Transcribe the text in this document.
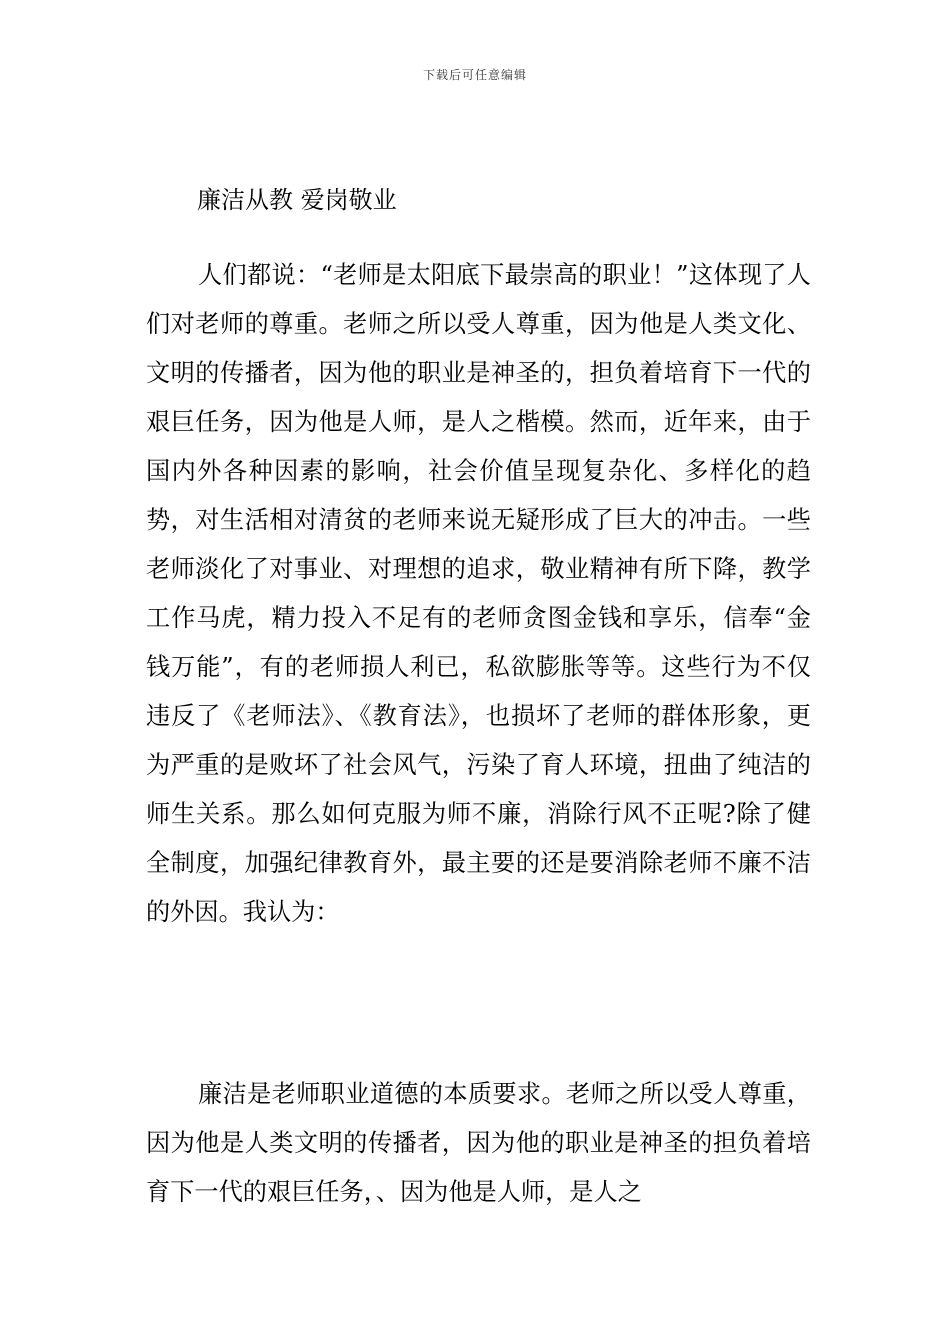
下载后可任意编辑
廉洁从教 爱岗敬业

人们都说：“老师是太阳底下最崇高的职业！”这体现了人们对老师的尊重。老师之所以受人尊重，因为他是人类文化、文明的传播者，因为他的职业是神圣的，担负着培育下一代的艰巨任务，因为他是人师，是人之楷模。然而，近年来，由于国内外各种因素的影响，社会价值呈现复杂化、多样化的趋势，对生活相对清贫的老师来说无疑形成了巨大的冲击。一些老师淡化了对事业、对理想的追求，敬业精神有所下降，教学工作马虎，精力投入不足有的老师贪图金钱和享乐，信奉“金钱万能”，有的老师损人利已，私欲膨胀等等。这些行为不仅违反了《老师法》、《教育法》，也损坏了老师的群体形象，更为严重的是败坏了社会风气，污染了育人环境，扭曲了纯洁的师生关系。那么如何克服为师不廉，消除行风不正呢?除了健全制度，加强纪律教育外，最主要的还是要消除老师不廉不洁的外因。我认为：

廉洁是老师职业道德的本质要求。老师之所以受人尊重，因为他是人类文明的传播者，因为他的职业是神圣的担负着培育下一代的艰巨任务，、因为他是人师，是人之
